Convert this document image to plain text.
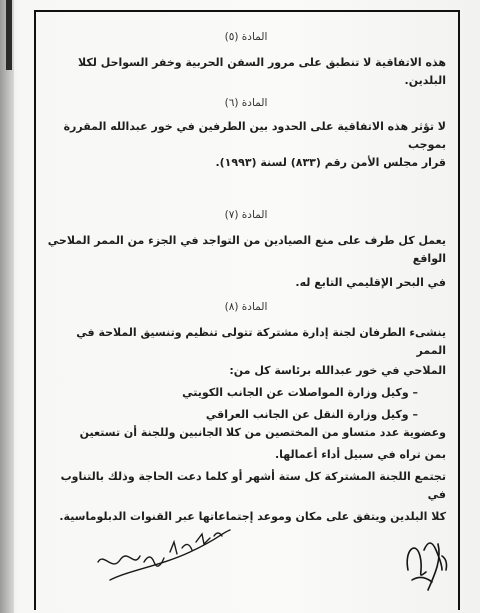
المادة (٥)

هذه الاتفاقية لا تنطبق على مرور السفن الحربية وخفر السواحل لكلا البلدين.

المادة (٦)

لا تؤثر هذه الاتفاقية على الحدود بين الطرفين في خور عبدالله المقررة بموجب

قرار مجلس الأمن رقم (٨٣٣) لسنة (١٩٩٣).

المادة (٧)

يعمل كل طرف على منع الصيادين من التواجد في الجزء من الممر الملاحي الواقع

في البحر الإقليمي التابع له.

المادة (٨)

ينشىء الطرفان لجنة إدارة مشتركة تتولى تنظيم وتنسيق الملاحة في الممر

الملاحي في خور عبدالله برئاسة كل من:

– وكيل وزارة المواصلات عن الجانب الكويتي

– وكيل وزارة النقل عن الجانب العراقي

وعضوية عدد متساو من المختصين من كلا الجانبين وللجنة أن تستعين

بمن تراه في سبيل أداء أعمالها.

تجتمع اللجنة المشتركة كل ستة أشهر أو كلما دعت الحاجة وذلك بالتناوب في

كلا البلدين ويتفق على مكان وموعد إجتماعاتها عبر القنوات الدبلوماسية.
